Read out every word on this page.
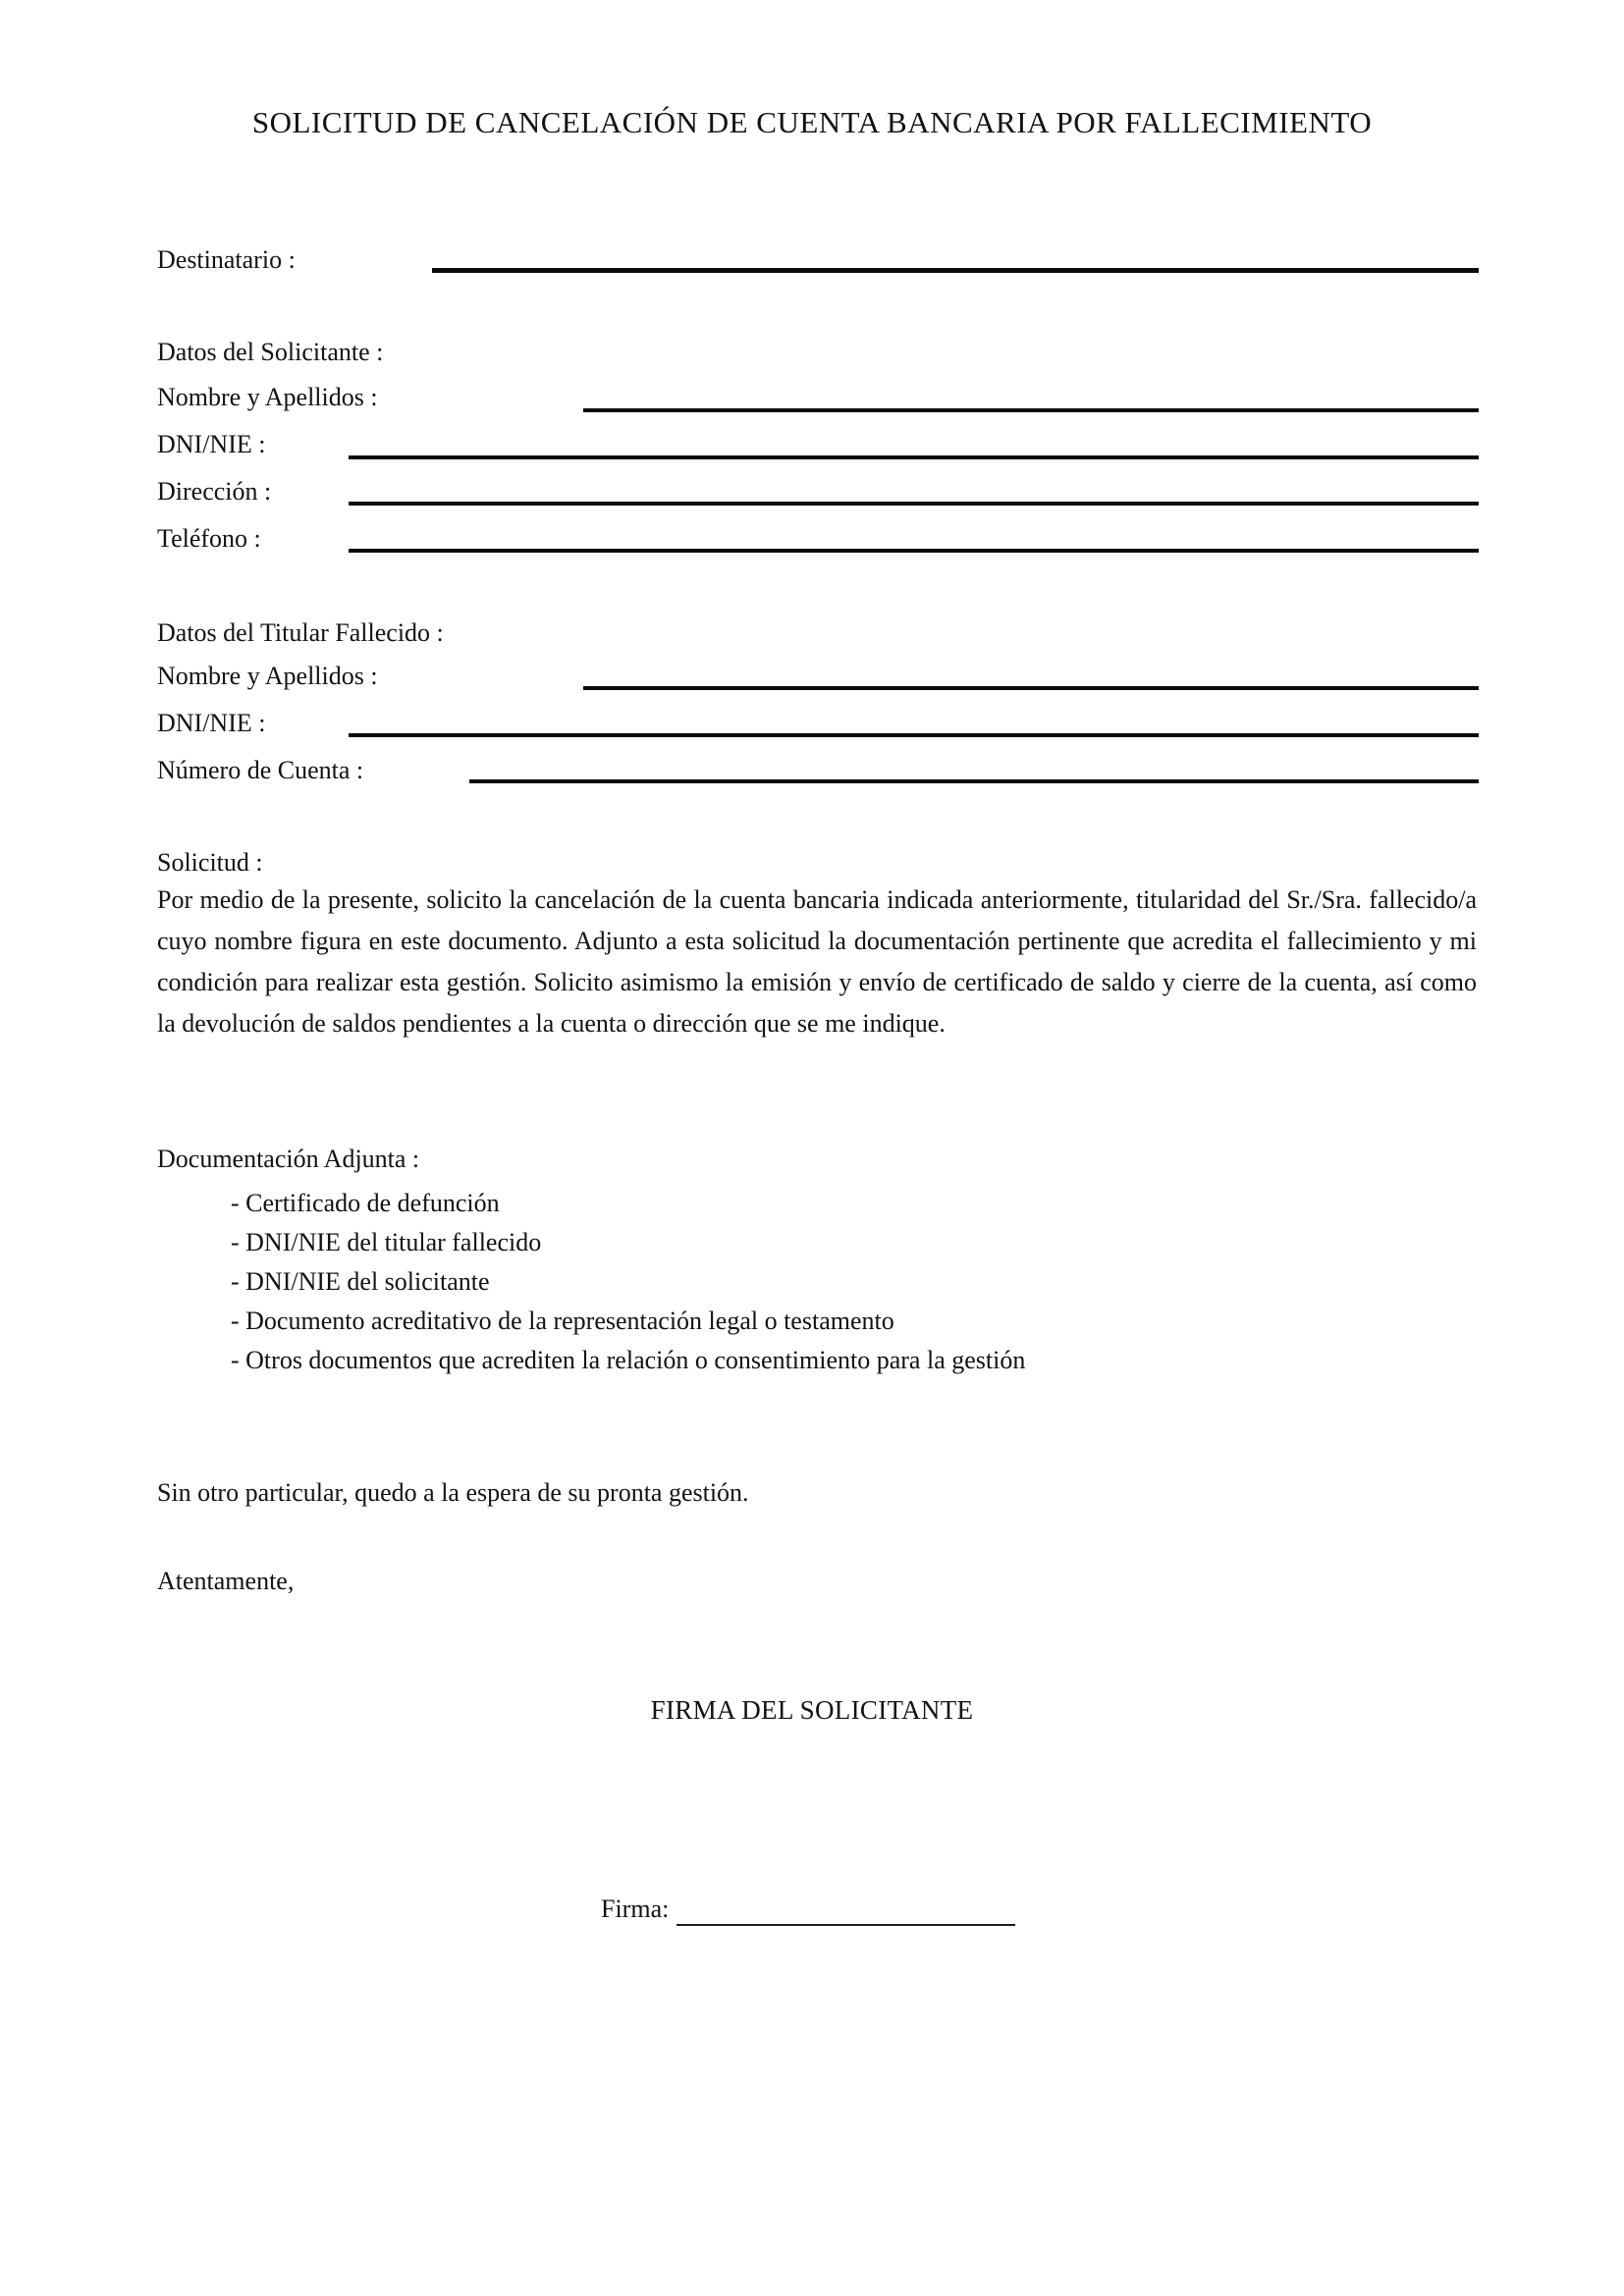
SOLICITUD DE CANCELACIÓN DE CUENTA BANCARIA POR FALLECIMIENTO
Destinatario :
Datos del Solicitante :
Nombre y Apellidos :
DNI/NIE :
Dirección :
Teléfono :
Datos del Titular Fallecido :
Nombre y Apellidos :
DNI/NIE :
Número de Cuenta :
Solicitud :
Por medio de la presente, solicito la cancelación de la cuenta bancaria indicada anteriormente, titularidad del Sr./Sra. fallecido/a cuyo nombre figura en este documento. Adjunto a esta solicitud la documentación pertinente que acredita el fallecimiento y mi condición para realizar esta gestión. Solicito asimismo la emisión y envío de certificado de saldo y cierre de la cuenta, así como la devolución de saldos pendientes a la cuenta o dirección que se me indique.
Documentación Adjunta :
- Certificado de defunción
- DNI/NIE del titular fallecido
- DNI/NIE del solicitante
- Documento acreditativo de la representación legal o testamento
- Otros documentos que acrediten la relación o consentimiento para la gestión
Sin otro particular, quedo a la espera de su pronta gestión.
Atentamente,
FIRMA DEL SOLICITANTE
Firma:
